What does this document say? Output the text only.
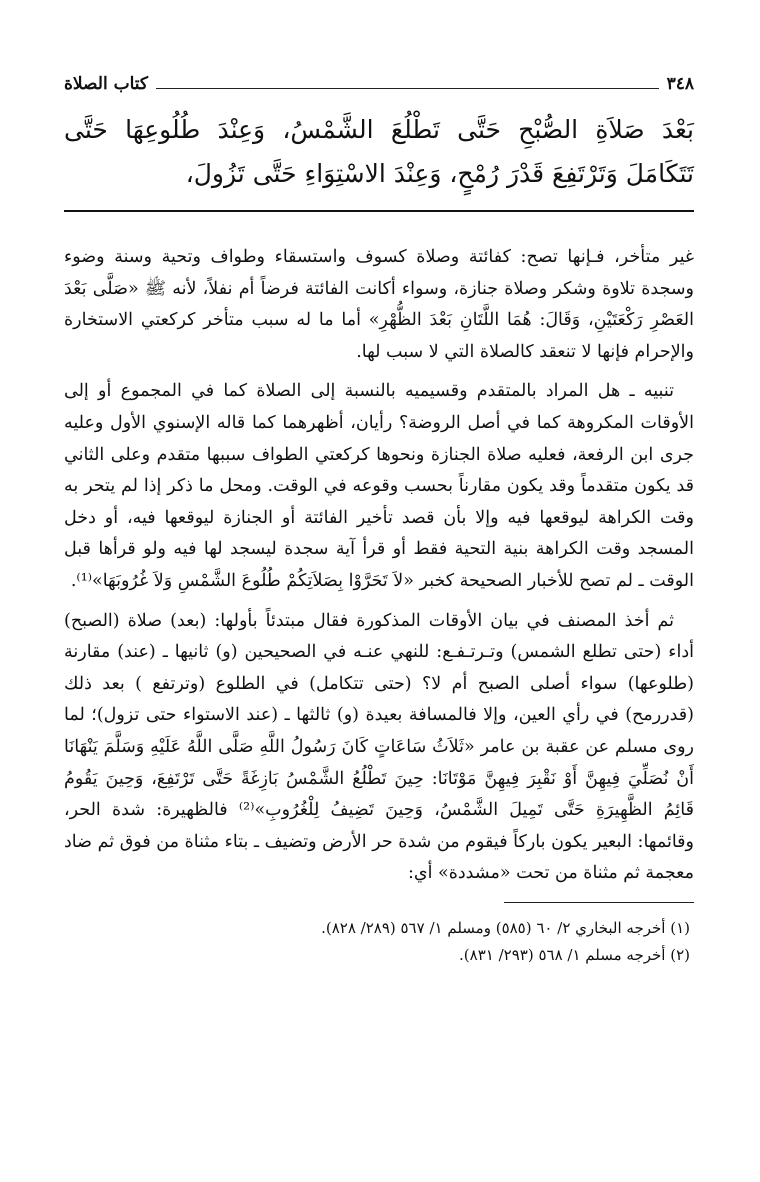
٣٤٨
كتاب الصلاة
بَعْدَ صَلاَةِ الصُّبْحِ حَتَّى تَطْلُعَ الشَّمْسُ، وَعِنْدَ طُلُوعِهَا حَتَّى تَتَكَامَلَ وَتَرْتَفِعَ قَدْرَ رُمْحٍ، وَعِنْدَ الاسْتِوَاءِ حَتَّى تَزُولَ،

غير متأخر، فـإنها تصح: كفائتة وصلاة كسوف واستسقاء وطواف وتحية وسنة وضوء وسجدة تلاوة وشكر وصلاة جنازة، وسواء أكانت الفائتة فرضاً أم نفلاً، لأنه ﷺ «صَلَّى بَعْدَ العَصْرِ رَكْعَتَيْنِ، وَقَالَ: هُمَا اللَّتَانِ بَعْدَ الظُّهْرِ» أما ما له سبب متأخر كركعتي الاستخارة والإحرام فإنها لا تنعقد كالصلاة التي لا سبب لها.

تنبيه ـ هل المراد بالمتقدم وقسيميه بالنسبة إلى الصلاة كما في المجموع أو إلى الأوقات المكروهة كما في أصل الروضة؟ رأيان، أظهرهما كما قاله الإسنوي الأول وعليه جرى ابن الرفعة، فعليه صلاة الجنازة ونحوها كركعتي الطواف سببها متقدم وعلى الثاني قد يكون متقدماً وقد يكون مقارناً بحسب وقوعه في الوقت. ومحل ما ذكر إذا لم يتحر به وقت الكراهة ليوقعها فيه وإلا بأن قصد تأخير الفائتة أو الجنازة ليوقعها فيه، أو دخل المسجد وقت الكراهة بنية التحية فقط أو قرأ آية سجدة ليسجد لها فيه ولو قرأها قبل الوقت ـ لم تصح للأخبار الصحيحة كخبر «لاَ تَحَرَّوْا بِصَلاَتِكُمْ طُلُوعَ الشَّمْسِ وَلاَ غُرُوبَهَا»⁽¹⁾.

ثم أخذ المصنف في بيان الأوقات المذكورة فقال مبتدئاً بأولها: (بعد) صلاة (الصبح) أداء (حتى تطلع الشمس) وتـرتـفـع: للنهي عنـه في الصحيحين (و) ثانيها ـ (عند) مقارنة (طلوعها) سواء أصلى الصبح أم لا؟ (حتى تتكامل) في الطلوع (وترتفع ) بعد ذلك (قدررمح) في رأي العين، وإلا فالمسافة بعيدة (و) ثالثها ـ (عند الاستواء حتى تزول)؛ لما روى مسلم عن عقبة بن عامر «ثَلاَثُ سَاعَاتٍ كَانَ رَسُولُ اللَّهِ صَلَّى اللَّهُ عَلَيْهِ وَسَلَّمَ يَنْهَانَا أَنْ نُصَلِّيَ فِيهِنَّ أَوْ نَقْبِرَ فِيهِنَّ مَوْتَانَا: حِينَ تَطْلُعُ الشَّمْسُ بَازِغَةً حَتَّى تَرْتَفِعَ، وَحِينَ يَقُومُ قَائِمُ الظَّهِيرَةِ حَتَّى تَمِيلَ الشَّمْسُ، وَحِينَ تَضِيفُ لِلْغُرُوبِ»⁽²⁾ فالظهيرة: شدة الحر، وقائمها: البعير يكون باركاً فيقوم من شدة حر الأرض وتضيف ـ بتاء مثناة من فوق ثم ضاد معجمة ثم مثناة من تحت «مشددة» أي:

(١) أخرجه البخاري ٢/ ٦٠ (٥٨٥) ومسلم ١/ ٥٦٧ (٢٨٩/ ٨٢٨).
(٢) أخرجه مسلم ١/ ٥٦٨ (٢٩٣/ ٨٣١).
